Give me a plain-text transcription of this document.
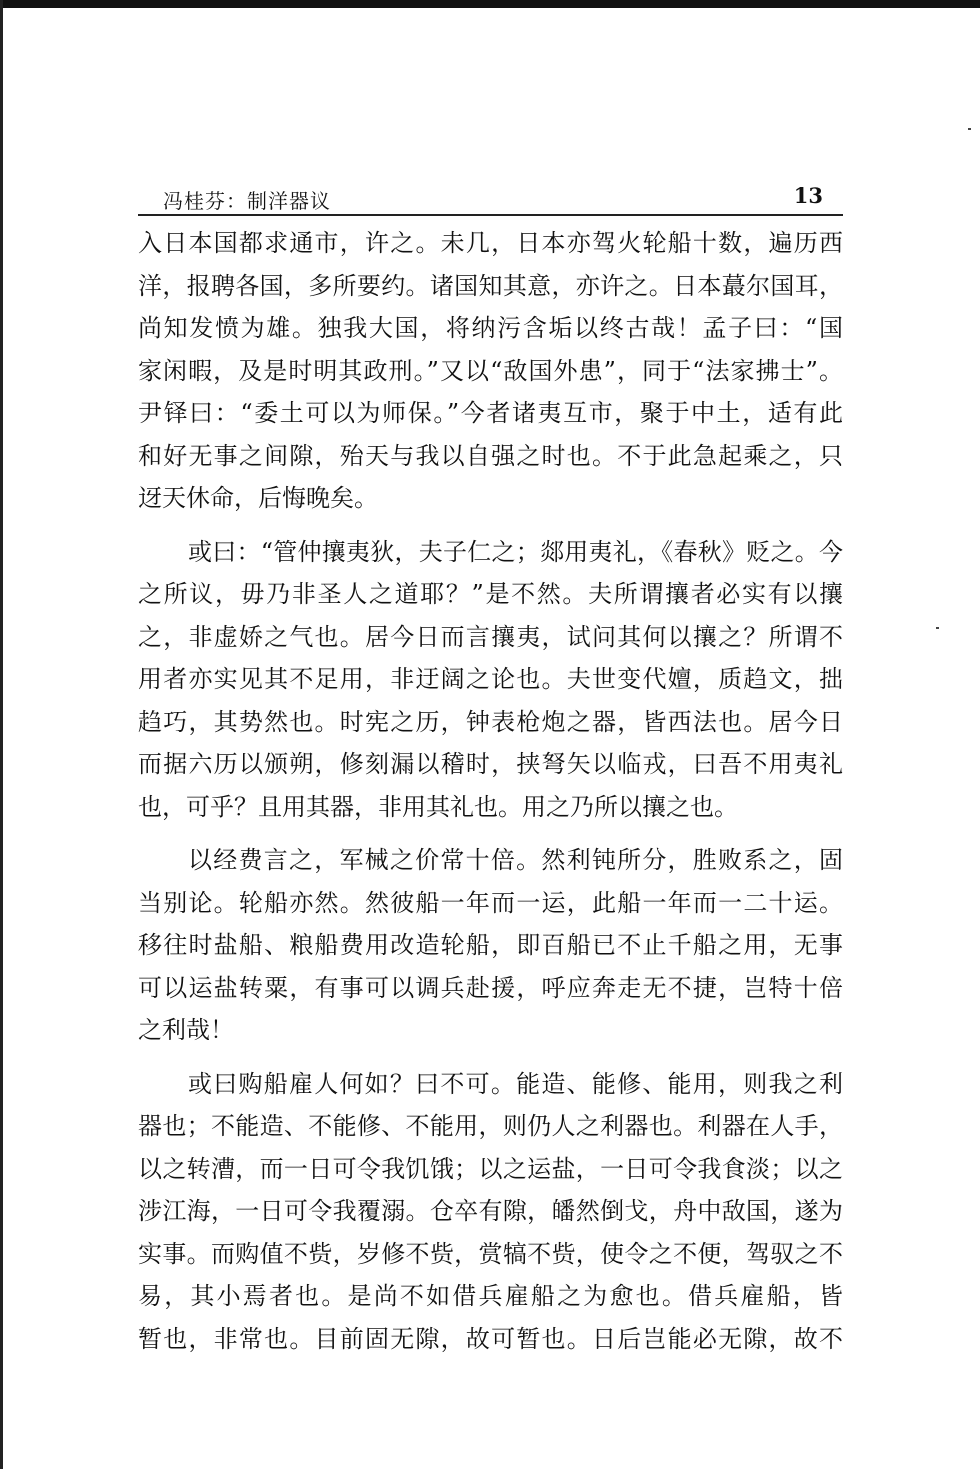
冯桂芬：制洋器议	13
入日本国都求通市，许之。未几，日本亦驾火轮船十数，遍历西
洋，报聘各国，多所要约。诸国知其意，亦许之。日本蕞尔国耳，
尚知发愤为雄。独我大国，将纳污含垢以终古哉！孟子曰：“国
家闲暇，及是时明其政刑。”又以“敌国外患”，同于“法家拂士”。
尹铎曰：“委土可以为师保。”今者诸夷互市，聚于中土，适有此
和好无事之间隙，殆天与我以自强之时也。不于此急起乘之，只
迓天休命，后悔晚矣。
或曰：“管仲攘夷狄，夫子仁之；郯用夷礼，《春秋》贬之。今
之所议，毋乃非圣人之道耶？”是不然。夫所谓攘者必实有以攘
之，非虚娇之气也。居今日而言攘夷，试问其何以攘之？所谓不
用者亦实见其不足用，非迂阔之论也。夫世变代嬗，质趋文，拙
趋巧，其势然也。时宪之历，钟表枪炮之器，皆西法也。居今日
而据六历以颁朔，修刻漏以稽时，挟弩矢以临戎，曰吾不用夷礼
也，可乎？且用其器，非用其礼也。用之乃所以攘之也。
以经费言之，军械之价常十倍。然利钝所分，胜败系之，固
当别论。轮船亦然。然彼船一年而一运，此船一年而一二十运。
移往时盐船、粮船费用改造轮船，即百船已不止千船之用，无事
可以运盐转粟，有事可以调兵赴援，呼应奔走无不捷，岂特十倍
之利哉！
或曰购船雇人何如？曰不可。能造、能修、能用，则我之利
器也；不能造、不能修、不能用，则仍人之利器也。利器在人手，
以之转漕，而一日可令我饥饿；以之运盐，一日可令我食淡；以之
涉江海，一日可令我覆溺。仓卒有隙，皤然倒戈，舟中敌国，遂为
实事。而购值不赀，岁修不赀，赏犒不赀，使令之不便，驾驭之不
易，其小焉者也。是尚不如借兵雇船之为愈也。借兵雇船，皆
暂也，非常也。目前固无隙，故可暂也。日后岂能必无隙，故不
